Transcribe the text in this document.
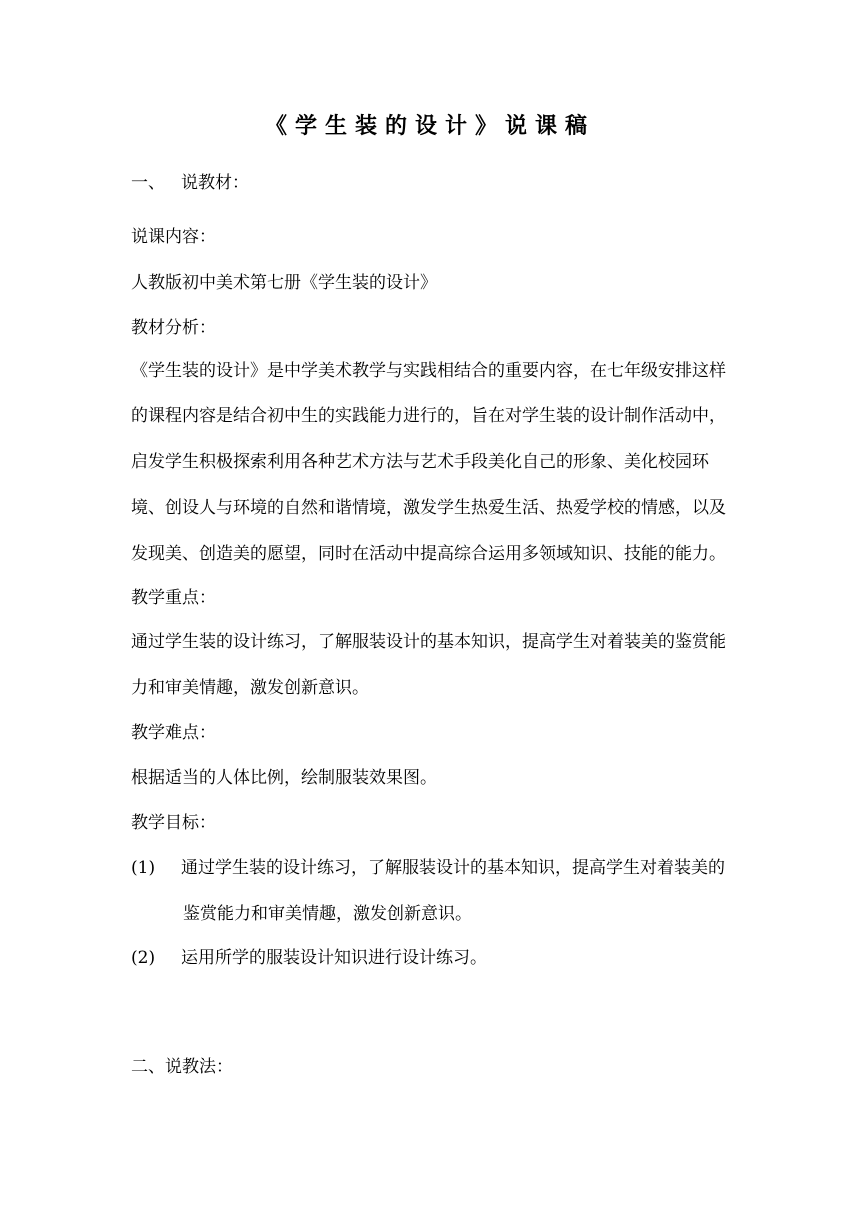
《学生装的设计》说课稿
一、 说教材：
说课内容：
人教版初中美术第七册《学生装的设计》
教材分析：
《学生装的设计》是中学美术教学与实践相结合的重要内容，在七年级安排这样
的课程内容是结合初中生的实践能力进行的，旨在对学生装的设计制作活动中，
启发学生积极探索利用各种艺术方法与艺术手段美化自己的形象、美化校园环
境、创设人与环境的自然和谐情境，激发学生热爱生活、热爱学校的情感，以及
发现美、创造美的愿望，同时在活动中提高综合运用多领域知识、技能的能力。
教学重点：
通过学生装的设计练习，了解服装设计的基本知识，提高学生对着装美的鉴赏能
力和审美情趣，激发创新意识。
教学难点：
根据适当的人体比例，绘制服装效果图。
教学目标：
(1) 通过学生装的设计练习，了解服装设计的基本知识，提高学生对着装美的
鉴赏能力和审美情趣，激发创新意识。
(2) 运用所学的服装设计知识进行设计练习。
二、说教法：
